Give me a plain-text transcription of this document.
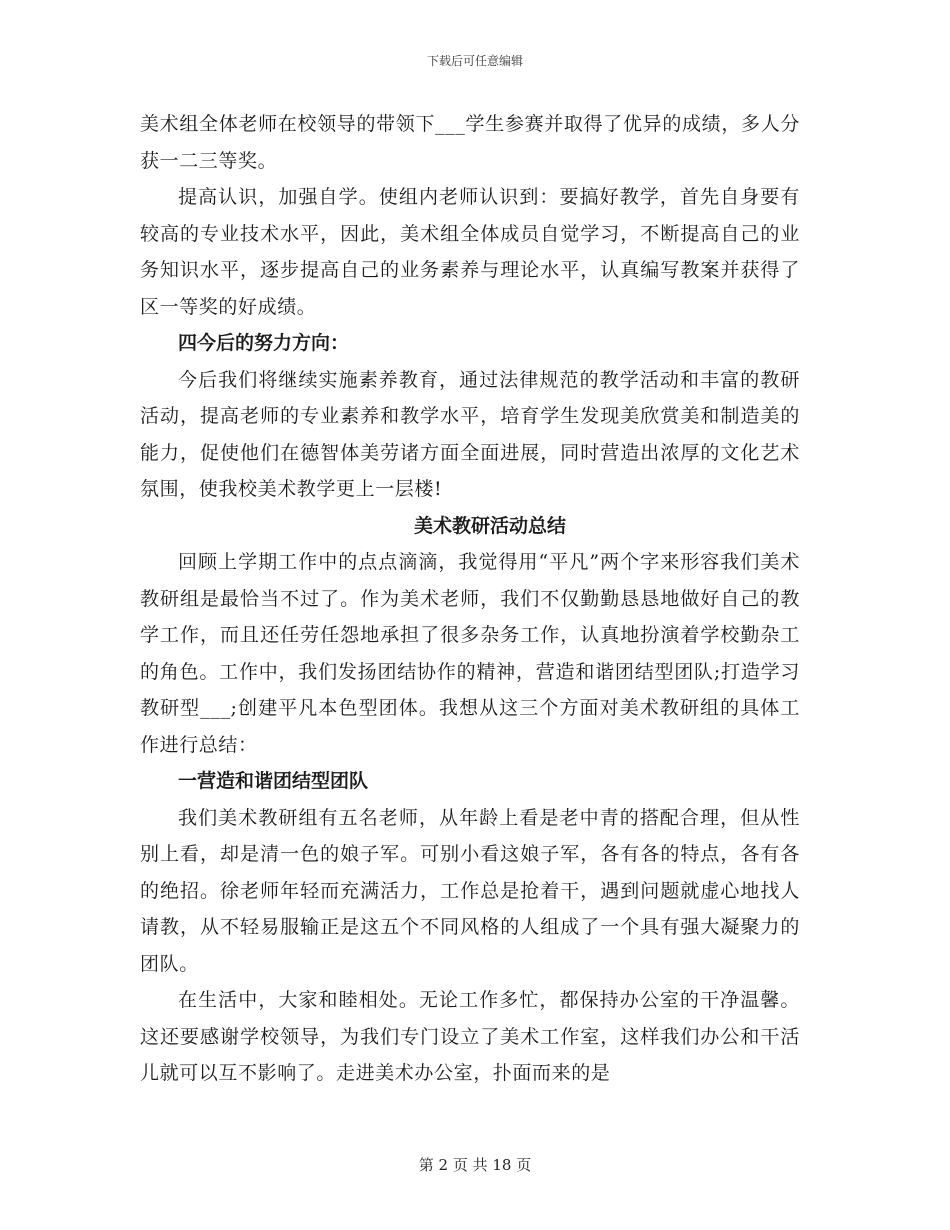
下载后可任意编辑

美术组全体老师在校领导的带领下___学生参赛并取得了优异的成绩，多人分获一二三等奖。

提高认识，加强自学。使组内老师认识到：要搞好教学，首先自身要有较高的专业技术水平，因此，美术组全体成员自觉学习，不断提高自己的业务知识水平，逐步提高自己的业务素养与理论水平，认真编写教案并获得了区一等奖的好成绩。

四今后的努力方向：

今后我们将继续实施素养教育，通过法律规范的教学活动和丰富的教研活动，提高老师的专业素养和教学水平，培育学生发现美欣赏美和制造美的能力，促使他们在德智体美劳诸方面全面进展，同时营造出浓厚的文化艺术氛围，使我校美术教学更上一层楼!

美术教研活动总结

回顾上学期工作中的点点滴滴，我觉得用“平凡”两个字来形容我们美术教研组是最恰当不过了。作为美术老师，我们不仅勤勤恳恳地做好自己的教学工作，而且还任劳任怨地承担了很多杂务工作，认真地扮演着学校勤杂工的角色。工作中，我们发扬团结协作的精神，营造和谐团结型团队;打造学习教研型___;创建平凡本色型团体。我想从这三个方面对美术教研组的具体工作进行总结：

一营造和谐团结型团队

我们美术教研组有五名老师，从年龄上看是老中青的搭配合理，但从性别上看，却是清一色的娘子军。可别小看这娘子军，各有各的特点，各有各的绝招。徐老师年轻而充满活力，工作总是抢着干，遇到问题就虚心地找人请教，从不轻易服输正是这五个不同风格的人组成了一个具有强大凝聚力的团队。

在生活中，大家和睦相处。无论工作多忙，都保持办公室的干净温馨。这还要感谢学校领导，为我们专门设立了美术工作室，这样我们办公和干活儿就可以互不影响了。走进美术办公室，扑面而来的是

第 2 页 共 18 页
